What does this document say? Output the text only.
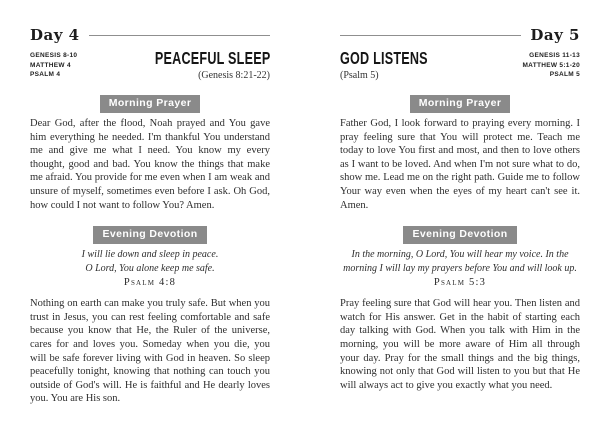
Day 4
GENESIS 8-10
MATTHEW 4
PSALM 4
PEACEFUL SLEEP
(Genesis 8:21-22)
Morning Prayer

Dear God, after the flood, Noah prayed and You gave him everything he needed. I'm thankful You understand me and give me what I need. You know my every thought, good and bad. You know the things that make me afraid. You provide for me even when I am weak and unsure of myself, sometimes even before I ask. Oh God, how could I not want to follow You? Amen.

Evening Devotion
I will lie down and sleep in peace.
O Lord, You alone keep me safe.
Psalm 4:8

Nothing on earth can make you truly safe. But when you trust in Jesus, you can rest feeling comfortable and safe because you know that He, the Ruler of the universe, cares for and loves you. Someday when you die, you will be safe forever living with God in heaven. So sleep peacefully tonight, knowing that nothing can touch you outside of God's will. He is faithful and He dearly loves you. You are His son.

Day 5
GOD LISTENS
(Psalm 5)
GENESIS 11-13
MATTHEW 5:1-20
PSALM 5
Morning Prayer

Father God, I look forward to praying every morning. I pray feeling sure that You will protect me. Teach me today to love You first and most, and then to love others as I want to be loved. And when I'm not sure what to do, show me. Lead me on the right path. Guide me to follow Your way even when the eyes of my heart can't see it. Amen.

Evening Devotion
In the morning, O Lord, You will hear my voice. In the
morning I will lay my prayers before You and will look up.
Psalm 5:3

Pray feeling sure that God will hear you. Then listen and watch for His answer. Get in the habit of starting each day talking with God. When you talk with Him in the morning, you will be more aware of Him all through your day. Pray for the small things and the big things, knowing not only that God will listen to you but that He will always act to give you exactly what you need.
